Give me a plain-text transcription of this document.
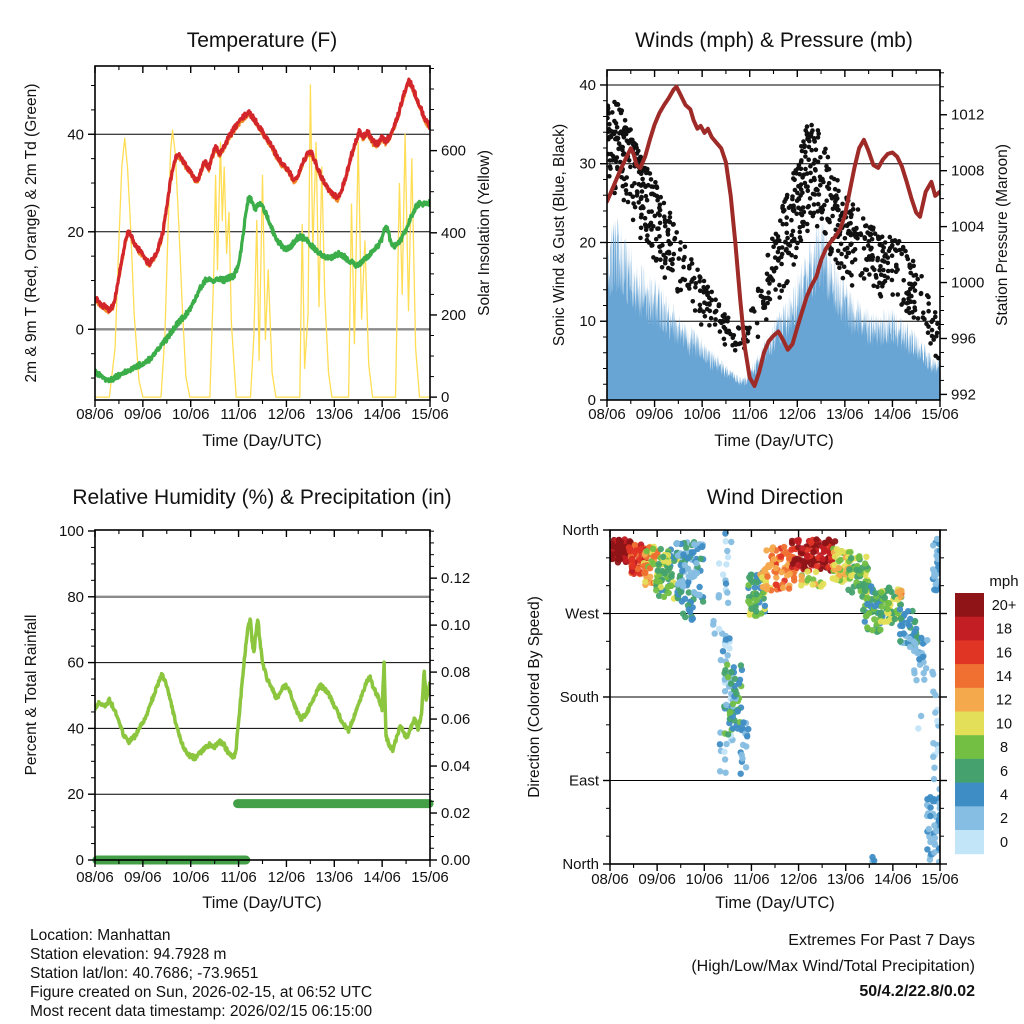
Temperature (F)
Time (Day/UTC)
2m & 9m T (Red, Orange) & 2m Td (Green)	Solar Insolation (Yellow)
08/06 09/06 10/06 11/06 12/06 13/06 14/06 15/06
0
20
40
0
200
400
600
Winds (mph) & Pressure (mb)
Time (Day/UTC)
Sonic Wind & Gust (Blue, Black)	Station Pressure (Maroon)
08/06 09/06 10/06 11/06 12/06 13/06 14/06 15/06
0
10
20
30
40
992
996
1000
1004
1008
1012
Relative Humidity (%) & Precipitation (in)
Time (Day/UTC)
Percent & Total Rainfall
08/06 09/06 10/06 11/06 12/06 13/06 14/06 15/06
0
20
40
60
80
100
0.00
0.02
0.04
0.06
0.08
0.10
0.12
Wind Direction
Time (Day/UTC)
Direction (Colored By Speed)
mph
08/06 09/06 10/06 11/06 12/06 13/06 14/06 15/06
North
East
South
West
North
20+
18
16
14
12
10
8
6
4
2
0
Location: Manhattan
Station elevation: 94.7928 m
Station lat/lon: 40.7686; -73.9651
Figure created on Sun, 2026-02-15, at 06:52 UTC
Most recent data timestamp: 2026/02/15 06:15:00
Extremes For Past 7 Days
(High/Low/Max Wind/Total Precipitation)
50/4.2/22.8/0.02
